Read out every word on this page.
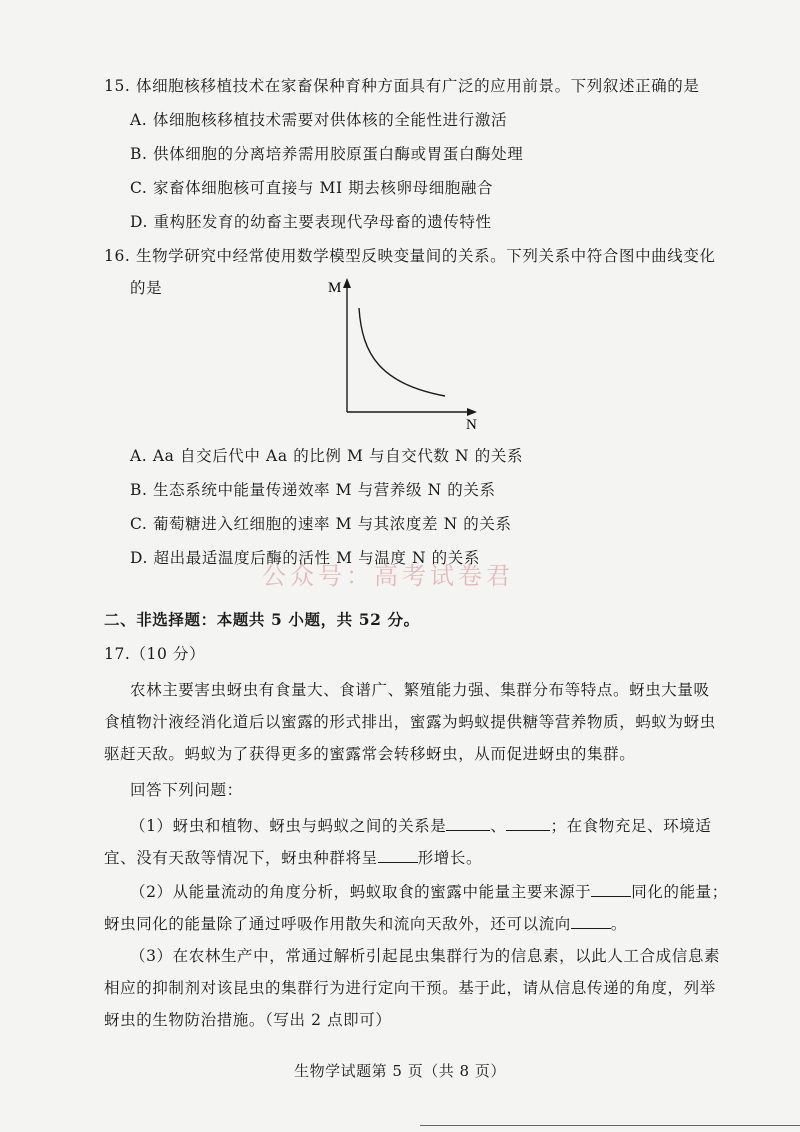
15. 体细胞核移植技术在家畜保种育种方面具有广泛的应用前景。下列叙述正确的是
A. 体细胞核移植技术需要对供体核的全能性进行激活
B. 供体细胞的分离培养需用胶原蛋白酶或胃蛋白酶处理
C. 家畜体细胞核可直接与 MⅠ 期去核卵母细胞融合
D. 重构胚发育的幼畜主要表现代孕母畜的遗传特性
16. 生物学研究中经常使用数学模型反映变量间的关系。下列关系中符合图中曲线变化
的是	M
N
A. Aa 自交后代中 Aa 的比例 M 与自交代数 N 的关系
B. 生态系统中能量传递效率 M 与营养级 N 的关系
C. 葡萄糖进入红细胞的速率 M 与其浓度差 N 的关系
D. 超出最适温度后酶的活性 M 与温度 N 的关系
公众号：高考试卷君
二、非选择题：本题共 5 小题，共 52 分。
17.（10 分）
农林主要害虫蚜虫有食量大、食谱广、繁殖能力强、集群分布等特点。蚜虫大量吸
食植物汁液经消化道后以蜜露的形式排出，蜜露为蚂蚁提供糖等营养物质，蚂蚁为蚜虫
驱赶天敌。蚂蚁为了获得更多的蜜露常会转移蚜虫，从而促进蚜虫的集群。
回答下列问题：
（1）蚜虫和植物、蚜虫与蚂蚁之间的关系是	、	；在食物充足、环境适
宜、没有天敌等情况下，蚜虫种群将呈	形增长。
（2）从能量流动的角度分析，蚂蚁取食的蜜露中能量主要来源于	同化的能量；
蚜虫同化的能量除了通过呼吸作用散失和流向天敌外，还可以流向	。
（3）在农林生产中，常通过解析引起昆虫集群行为的信息素，以此人工合成信息素
相应的抑制剂对该昆虫的集群行为进行定向干预。基于此，请从信息传递的角度，列举
蚜虫的生物防治措施。（写出 2 点即可）
生物学试题第 5 页（共 8 页）
